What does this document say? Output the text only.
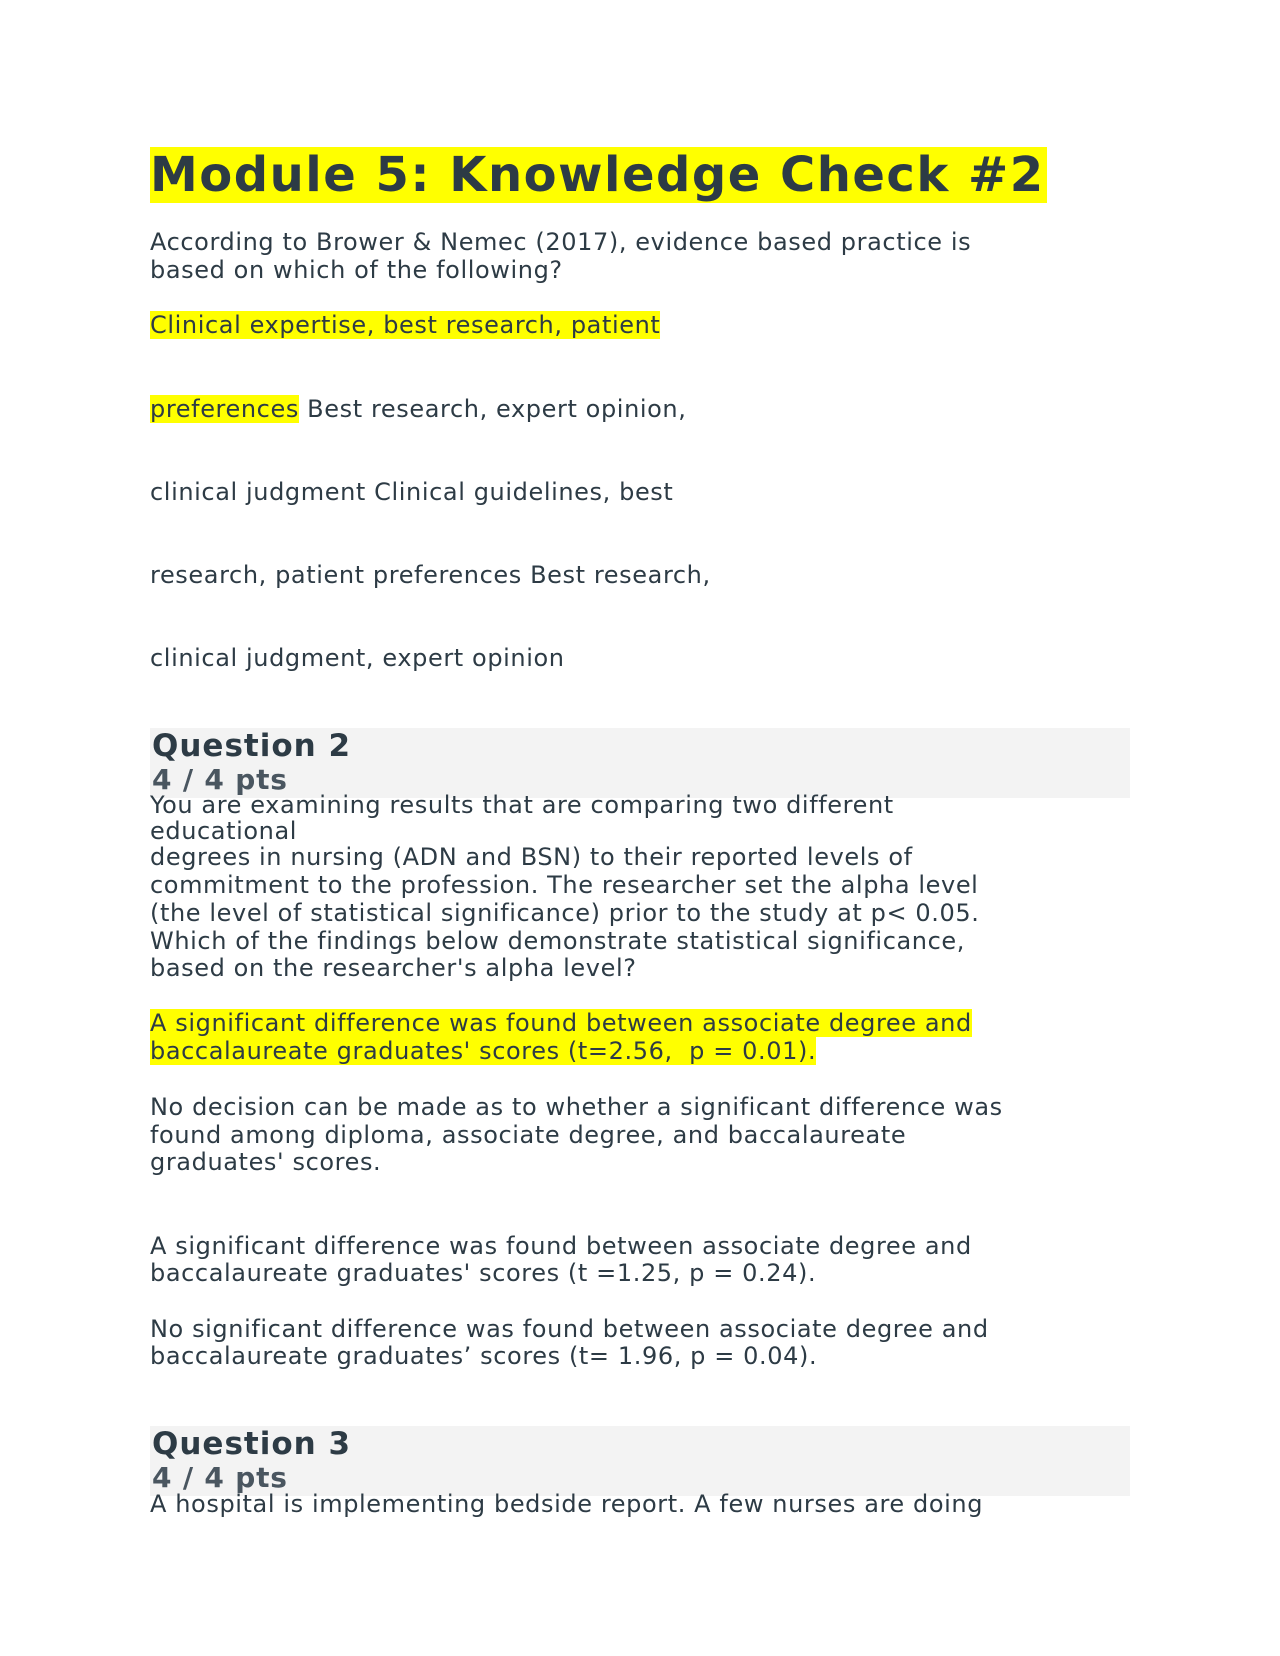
Module 5: Knowledge Check #2

According to Brower & Nemec (2017), evidence based practice is

based on which of the following?

Clinical expertise, best research, patient

preferences Best research, expert opinion,

clinical judgment Clinical guidelines, best

research, patient preferences Best research,

clinical judgment, expert opinion

Question 2

4 / 4 pts

You are examining results that are comparing two different

educational

degrees in nursing (ADN and BSN) to their reported levels of

commitment to the profession. The researcher set the alpha level

(the level of statistical significance) prior to the study at p< 0.05.

Which of the findings below demonstrate statistical significance,

based on the researcher's alpha level?

A significant difference was found between associate degree and

baccalaureate graduates' scores (t=2.56,  p = 0.01).

No decision can be made as to whether a significant difference was

found among diploma, associate degree, and baccalaureate

graduates' scores.

A significant difference was found between associate degree and

baccalaureate graduates' scores (t =1.25, p = 0.24).

No significant difference was found between associate degree and

baccalaureate graduates’ scores (t= 1.96, p = 0.04).

Question 3

4 / 4 pts

A hospital is implementing bedside report. A few nurses are doing
